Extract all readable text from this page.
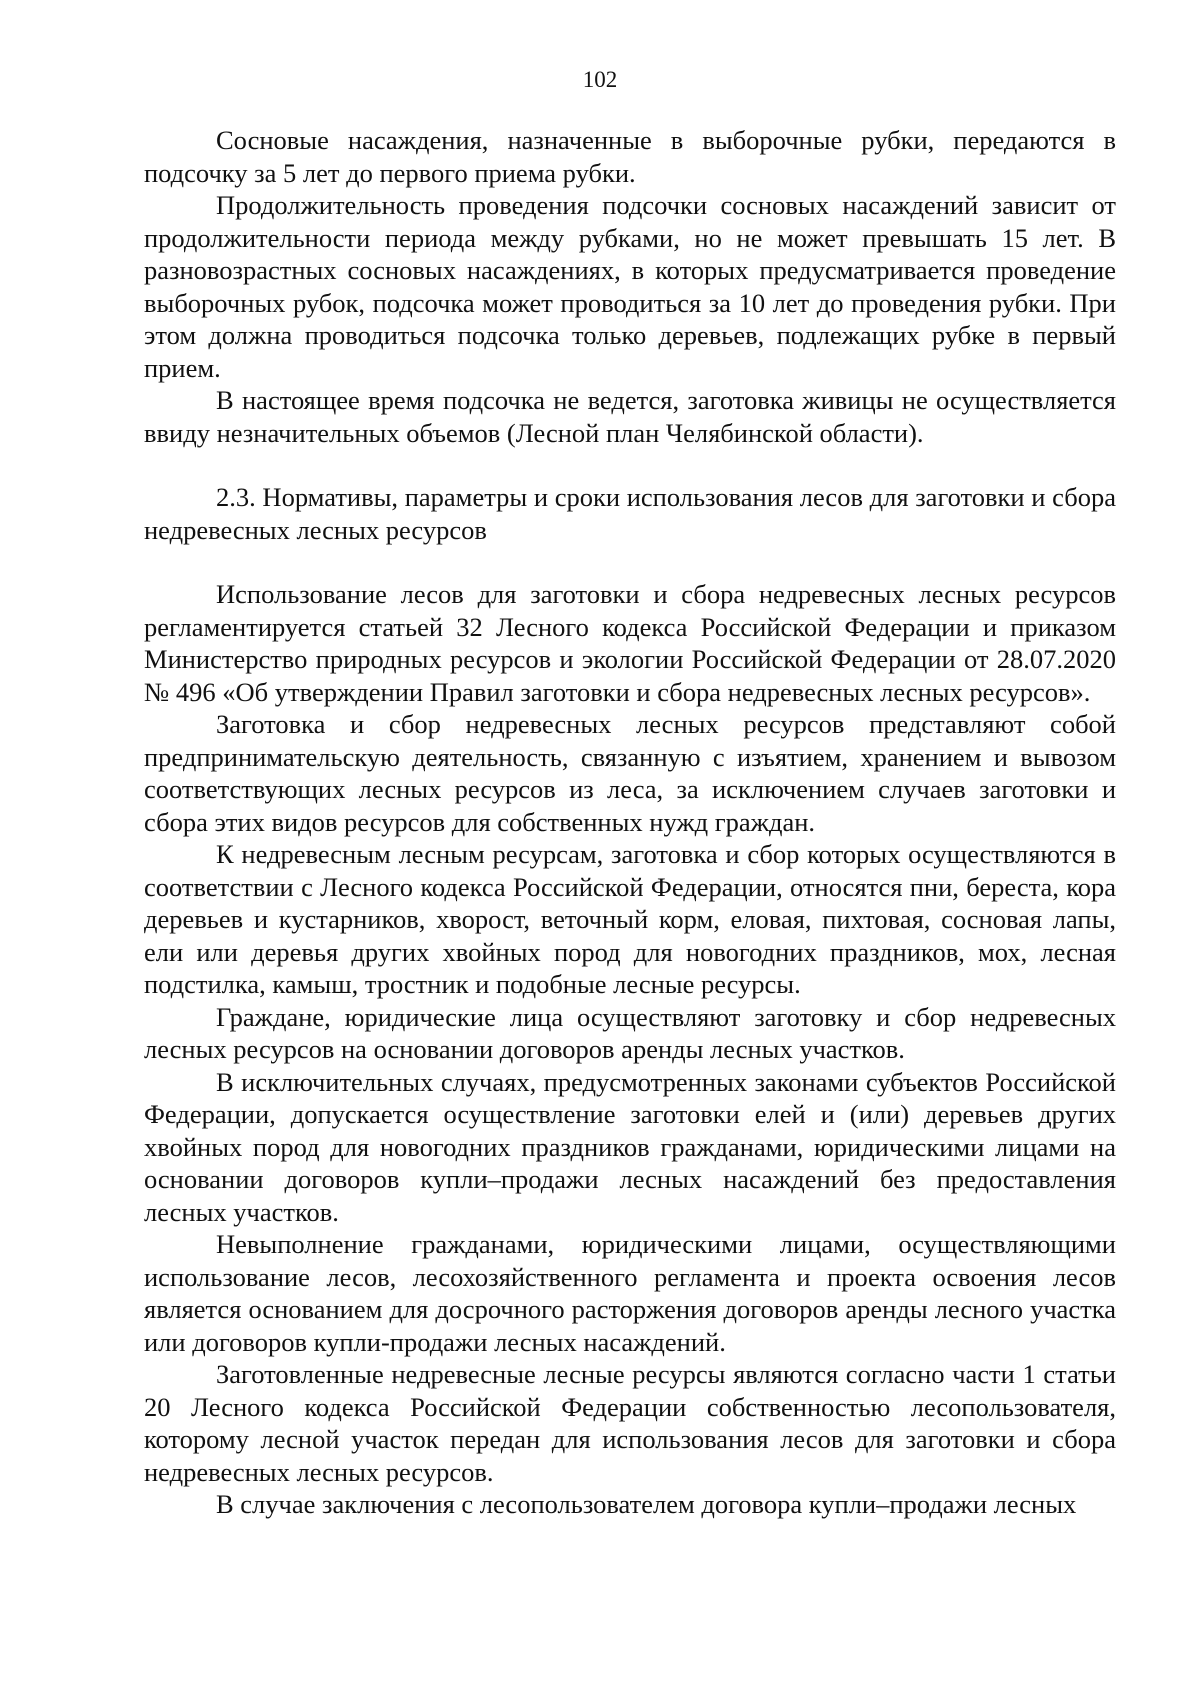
102

Сосновые насаждения, назначенные в выборочные рубки, передаются в подсочку за 5 лет до первого приема рубки.

Продолжительность проведения подсочки сосновых насаждений зависит от продолжительности периода между рубками, но не может превышать 15 лет. В разновозрастных сосновых насаждениях, в которых предусматривается проведение выборочных рубок, подсочка может проводиться за 10 лет до проведения рубки. При этом должна проводиться подсочка только деревьев, подлежащих рубке в первый прием.

В настоящее время подсочка не ведется, заготовка живицы не осуществляется ввиду незначительных объемов (Лесной план Челябинской области).

2.3. Нормативы, параметры и сроки использования лесов для заготовки и сбора недревесных лесных ресурсов

Использование лесов для заготовки и сбора недревесных лесных ресурсов регламентируется статьей 32 Лесного кодекса Российской Федерации и приказом Министерство природных ресурсов и экологии Российской Федерации от 28.07.2020 № 496 «Об утверждении Правил заготовки и сбора недревесных лесных ресурсов».

Заготовка и сбор недревесных лесных ресурсов представляют собой предпринимательскую деятельность, связанную с изъятием, хранением и вывозом соответствующих лесных ресурсов из леса, за исключением случаев заготовки и сбора этих видов ресурсов для собственных нужд граждан.

К недревесным лесным ресурсам, заготовка и сбор которых осуществляются в соответствии с Лесного кодекса Российской Федерации, относятся пни, береста, кора деревьев и кустарников, хворост, веточный корм, еловая, пихтовая, сосновая лапы, ели или деревья других хвойных пород для новогодних праздников, мох, лесная подстилка, камыш, тростник и подобные лесные ресурсы.

Граждане, юридические лица осуществляют заготовку и сбор недревесных лесных ресурсов на основании договоров аренды лесных участков.

В исключительных случаях, предусмотренных законами субъектов Российской Федерации, допускается осуществление заготовки елей и (или) деревьев других хвойных пород для новогодних праздников гражданами, юридическими лицами на основании договоров купли–продажи лесных насаждений без предоставления лесных участков.

Невыполнение гражданами, юридическими лицами, осуществляющими использование лесов, лесохозяйственного регламента и проекта освоения лесов является основанием для досрочного расторжения договоров аренды лесного участка или договоров купли-продажи лесных насаждений.

Заготовленные недревесные лесные ресурсы являются согласно части 1 статьи 20 Лесного кодекса Российской Федерации собственностью лесопользователя, которому лесной участок передан для использования лесов для заготовки и сбора недревесных лесных ресурсов.

В случае заключения с лесопользователем договора купли–продажи лесных
